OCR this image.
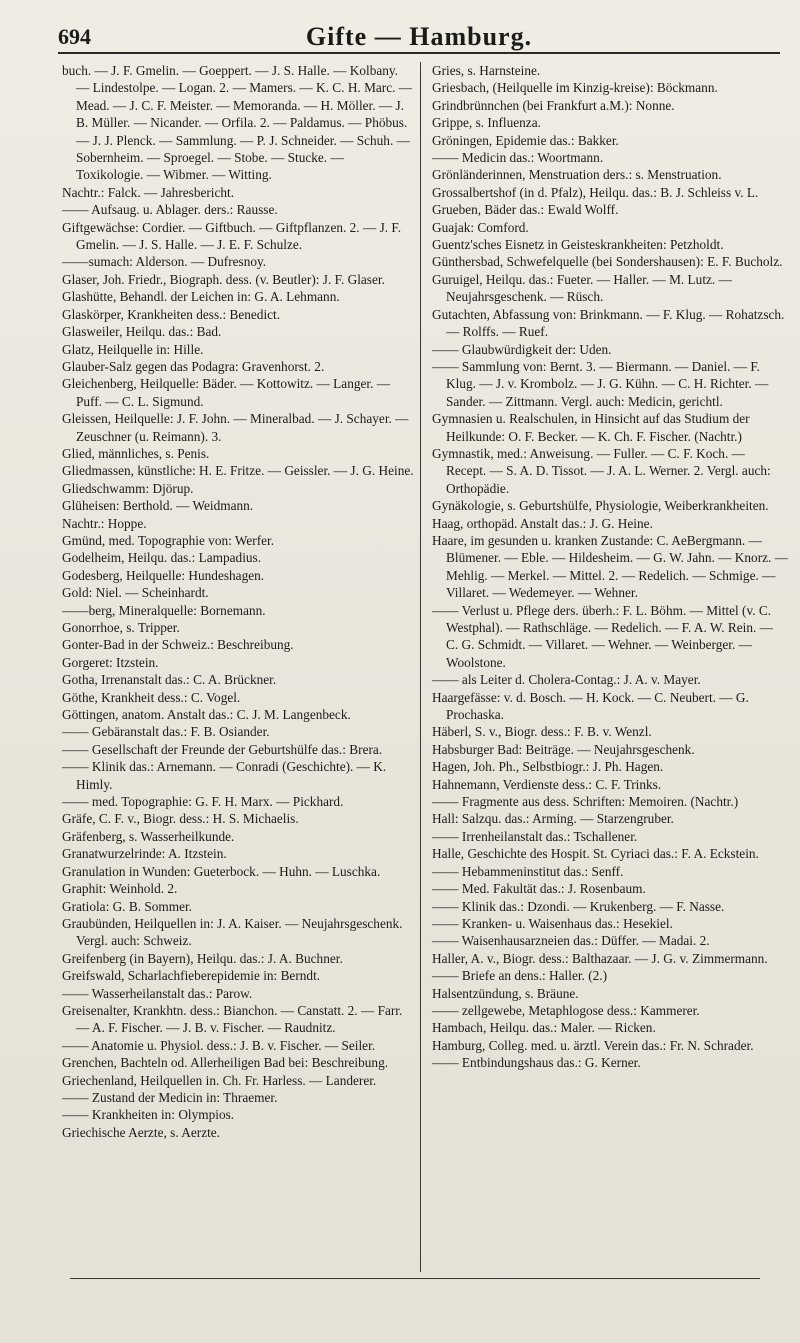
694	Gifte — Hamburg.

buch. — J. F. Gmelin. — Goeppert. — J. S. Halle. — Kolbany. — Lindestolpe. — Logan. 2. — Mamers. — K. C. H. Marc. — Mead. — J. C. F. Meister. — Memoranda. — H. Möller. — J. B. Müller. — Nicander. — Orfila. 2. — Paldamus. — Phöbus. — J. J. Plenck. — Sammlung. — P. J. Schneider. — Schuh. — Sobernheim. — Sproegel. — Stobe. — Stucke. — Toxikologie. — Wibmer. — Witting.

Nachtr.: Falck. — Jahresbericht.

—— Aufsaug. u. Ablager. ders.: Rausse.

Giftgewächse: Cordier. — Giftbuch. — Giftpflanzen. 2. — J. F. Gmelin. — J. S. Halle. — J. E. F. Schulze.

——sumach: Alderson. — Dufresnoy.

Glaser, Joh. Friedr., Biograph. dess. (v. Beutler): J. F. Glaser.

Glashütte, Behandl. der Leichen in: G. A. Lehmann.

Glaskörper, Krankheiten dess.: Benedict.

Glasweiler, Heilqu. das.: Bad.

Glatz, Heilquelle in: Hille.

Glauber-Salz gegen das Podagra: Gravenhorst. 2.

Gleichenberg, Heilquelle: Bäder. — Kottowitz. — Langer. — Puff. — C. L. Sigmund.

Gleissen, Heilquelle: J. F. John. — Mineralbad. — J. Schayer. — Zeuschner (u. Reimann). 3.

Glied, männliches, s. Penis.

Gliedmassen, künstliche: H. E. Fritze. — Geissler. — J. G. Heine.

Gliedschwamm: Djörup.

Glüheisen: Berthold. — Weidmann.

Nachtr.: Hoppe.

Gmünd, med. Topographie von: Werfer.

Godelheim, Heilqu. das.: Lampadius.

Godesberg, Heilquelle: Hundeshagen.

Gold: Niel. — Scheinhardt.

——berg, Mineralquelle: Bornemann.

Gonorrhoe, s. Tripper.

Gonter-Bad in der Schweiz.: Beschreibung.

Gorgeret: Itzstein.

Gotha, Irrenanstalt das.: C. A. Brückner.

Göthe, Krankheit dess.: C. Vogel.

Göttingen, anatom. Anstalt das.: C. J. M. Langenbeck.

—— Gebäranstalt das.: F. B. Osiander.

—— Gesellschaft der Freunde der Geburtshülfe das.: Brera.

—— Klinik das.: Arnemann. — Conradi (Geschichte). — K. Himly.

—— med. Topographie: G. F. H. Marx. — Pickhard.

Gräfe, C. F. v., Biogr. dess.: H. S. Michaelis.

Gräfenberg, s. Wasserheilkunde.

Granatwurzelrinde: A. Itzstein.

Granulation in Wunden: Gueterbock. — Huhn. — Luschka.

Graphit: Weinhold. 2.

Gratiola: G. B. Sommer.

Graubünden, Heilquellen in: J. A. Kaiser. — Neujahrsgeschenk. Vergl. auch: Schweiz.

Greifenberg (in Bayern), Heilqu. das.: J. A. Buchner.

Greifswald, Scharlachfieberepidemie in: Berndt.

—— Wasserheilanstalt das.: Parow.

Greisenalter, Krankhtn. dess.: Bianchon. — Canstatt. 2. — Farr. — A. F. Fischer. — J. B. v. Fischer. — Raudnitz.

—— Anatomie u. Physiol. dess.: J. B. v. Fischer. — Seiler.

Grenchen, Bachteln od. Allerheiligen Bad bei: Beschreibung.

Griechenland, Heilquellen in. Ch. Fr. Harless. — Landerer.

—— Zustand der Medicin in: Thraemer.

—— Krankheiten in: Olympios.

Griechische Aerzte, s. Aerzte.

Gries, s. Harnsteine.

Griesbach, (Heilquelle im Kinzig-kreise): Böckmann.

Grindbrünnchen (bei Frankfurt a.M.): Nonne.

Grippe, s. Influenza.

Gröningen, Epidemie das.: Bakker.

—— Medicin das.: Woortmann.

Grönländerinnen, Menstruation ders.: s. Menstruation.

Grossalbertshof (in d. Pfalz), Heilqu. das.: B. J. Schleiss v. L.

Grueben, Bäder das.: Ewald Wolff.

Guajak: Comford.

Guentz'sches Eisnetz in Geisteskrankheiten: Petzholdt.

Günthersbad, Schwefelquelle (bei Sondershausen): E. F. Bucholz.

Guruigel, Heilqu. das.: Fueter. — Haller. — M. Lutz. — Neujahrsgeschenk. — Rüsch.

Gutachten, Abfassung von: Brinkmann. — F. Klug. — Rohatzsch. — Rolffs. — Ruef.

—— Glaubwürdigkeit der: Uden.

—— Sammlung von: Bernt. 3. — Biermann. — Daniel. — F. Klug. — J. v. Krombolz. — J. G. Kühn. — C. H. Richter. — Sander. — Zittmann. Vergl. auch: Medicin, gerichtl.

Gymnasien u. Realschulen, in Hinsicht auf das Studium der Heilkunde: O. F. Becker. — K. Ch. F. Fischer. (Nachtr.)

Gymnastik, med.: Anweisung. — Fuller. — C. F. Koch. — Recept. — S. A. D. Tissot. — J. A. L. Werner. 2. Vergl. auch: Orthopädie.

Gynäkologie, s. Geburtshülfe, Physiologie, Weiberkrankheiten.

Haag, orthopäd. Anstalt das.: J. G. Heine.

Haare, im gesunden u. kranken Zustande: C. AeBergmann. — Blümener. — Eble. — Hildesheim. — G. W. Jahn. — Knorz. — Mehlig. — Merkel. — Mittel. 2. — Redelich. — Schmige. — Villaret. — Wedemeyer. — Wehner.

—— Verlust u. Pflege ders. überh.: F. L. Böhm. — Mittel (v. C. Westphal). — Rathschläge. — Redelich. — F. A. W. Rein. — C. G. Schmidt. — Villaret. — Wehner. — Weinberger. — Woolstone.

—— als Leiter d. Cholera-Contag.: J. A. v. Mayer.

Haargefässe: v. d. Bosch. — H. Kock. — C. Neubert. — G. Prochaska.

Häberl, S. v., Biogr. dess.: F. B. v. Wenzl.

Habsburger Bad: Beiträge. — Neujahrsgeschenk.

Hagen, Joh. Ph., Selbstbiogr.: J. Ph. Hagen.

Hahnemann, Verdienste dess.: C. F. Trinks.

—— Fragmente aus dess. Schriften: Memoiren. (Nachtr.)

Hall: Salzqu. das.: Arming. — Starzengruber.

—— Irrenheilanstalt das.: Tschallener.

Halle, Geschichte des Hospit. St. Cyriaci das.: F. A. Eckstein.

—— Hebammeninstitut das.: Senff.

—— Med. Fakultät das.: J. Rosenbaum.

—— Klinik das.: Dzondi. — Krukenberg. — F. Nasse.

—— Kranken- u. Waisenhaus das.: Hesekiel.

—— Waisenhausarzneien das.: Düffer. — Madai. 2.

Haller, A. v., Biogr. dess.: Balthazaar. — J. G. v. Zimmermann.

—— Briefe an dens.: Haller. (2.)

Halsentzündung, s. Bräune.

—— zellgewebe, Metaphlogose dess.: Kammerer.

Hambach, Heilqu. das.: Maler. — Ricken.

Hamburg, Colleg. med. u. ärztl. Verein das.: Fr. N. Schrader.

—— Entbindungshaus das.: G. Kerner.
